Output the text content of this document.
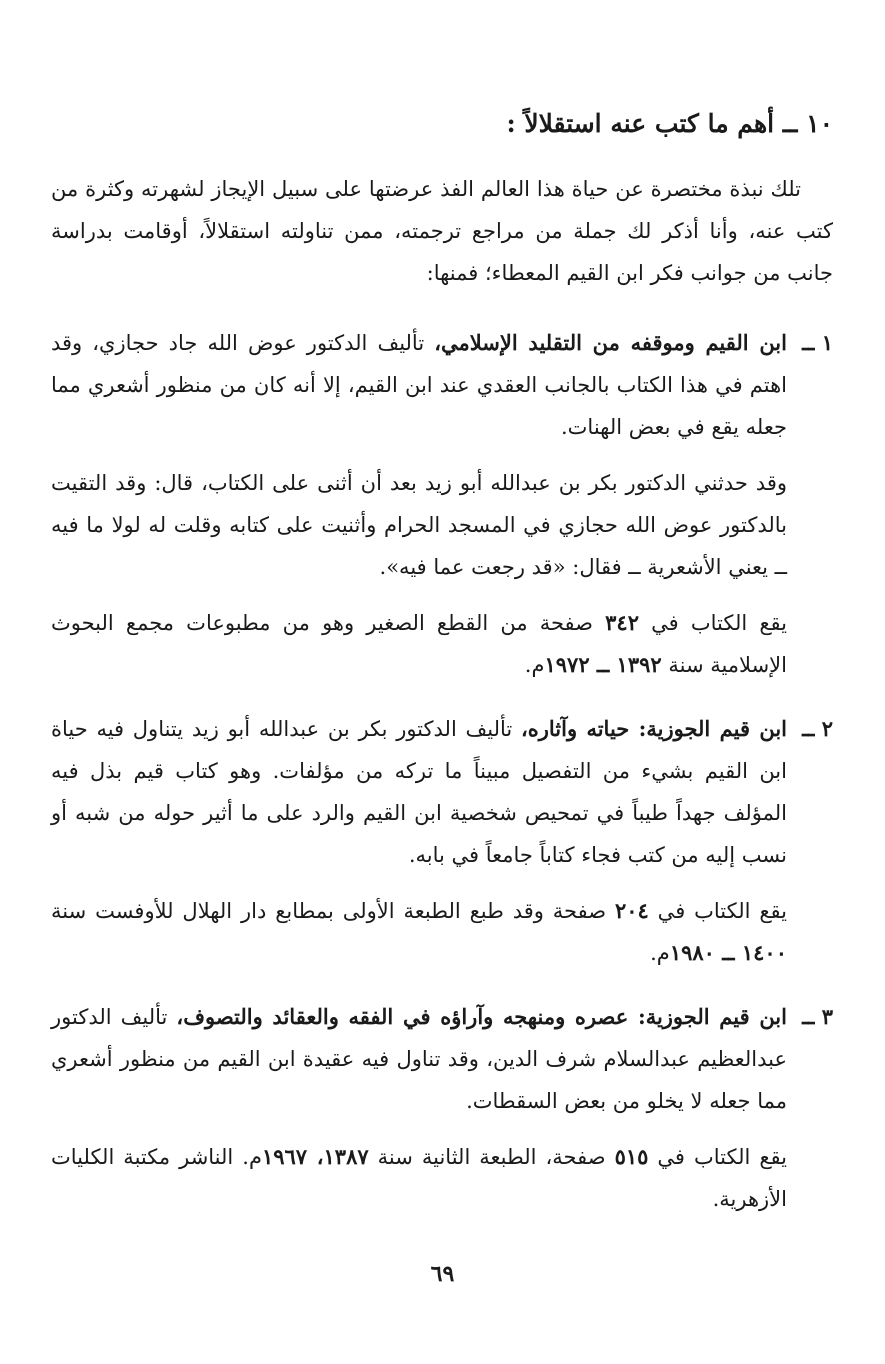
١٠ ــ أهم ما كتب عنه استقلالاً :

تلك نبذة مختصرة عن حياة هذا العالم الفذ عرضتها على سبيل الإيجاز لشهرته وكثرة من كتب عنه، وأنا أذكر لك جملة من مراجع ترجمته، ممن تناولته استقلالاً، أوقامت بدراسة جانب من جوانب فكر ابن القيم المعطاء؛ فمنها:

١ ــ

ابن القيم وموقفه من التقليد الإسلامي، تأليف الدكتور عوض الله جاد حجازي، وقد اهتم في هذا الكتاب بالجانب العقدي عند ابن القيم، إلا أنه كان من منظور أشعري مما جعله يقع في بعض الهنات.

وقد حدثني الدكتور بكر بن عبدالله أبو زيد بعد أن أثنى على الكتاب، قال: وقد التقيت بالدكتور عوض الله حجازي في المسجد الحرام وأثنيت على كتابه وقلت له لولا ما فيه ــ يعني الأشعرية ــ فقال: «قد رجعت عما فيه».

يقع الكتاب في ٣٤٢ صفحة من القطع الصغير وهو من مطبوعات مجمع البحوث الإسلامية سنة ١٣٩٢ ــ ١٩٧٢م.

٢ ــ

ابن قيم الجوزية: حياته وآثاره، تأليف الدكتور بكر بن عبدالله أبو زيد يتناول فيه حياة ابن القيم بشيء من التفصيل مبيناً ما تركه من مؤلفات. وهو كتاب قيم بذل فيه المؤلف جهداً طيباً في تمحيص شخصية ابن القيم والرد على ما أثير حوله من شبه أو نسب إليه من كتب فجاء كتاباً جامعاً في بابه.

يقع الكتاب في ٢٠٤ صفحة وقد طبع الطبعة الأولى بمطابع دار الهلال للأوفست سنة ١٤٠٠ ــ ١٩٨٠م.

٣ ــ

ابن قيم الجوزية: عصره ومنهجه وآراؤه في الفقه والعقائد والتصوف، تأليف الدكتور عبدالعظيم عبدالسلام شرف الدين، وقد تناول فيه عقيدة ابن القيم من منظور أشعري مما جعله لا يخلو من بعض السقطات.

يقع الكتاب في ٥١٥ صفحة، الطبعة الثانية سنة ١٣٨٧، ١٩٦٧م. الناشر مكتبة الكليات الأزهرية.

٦٩
